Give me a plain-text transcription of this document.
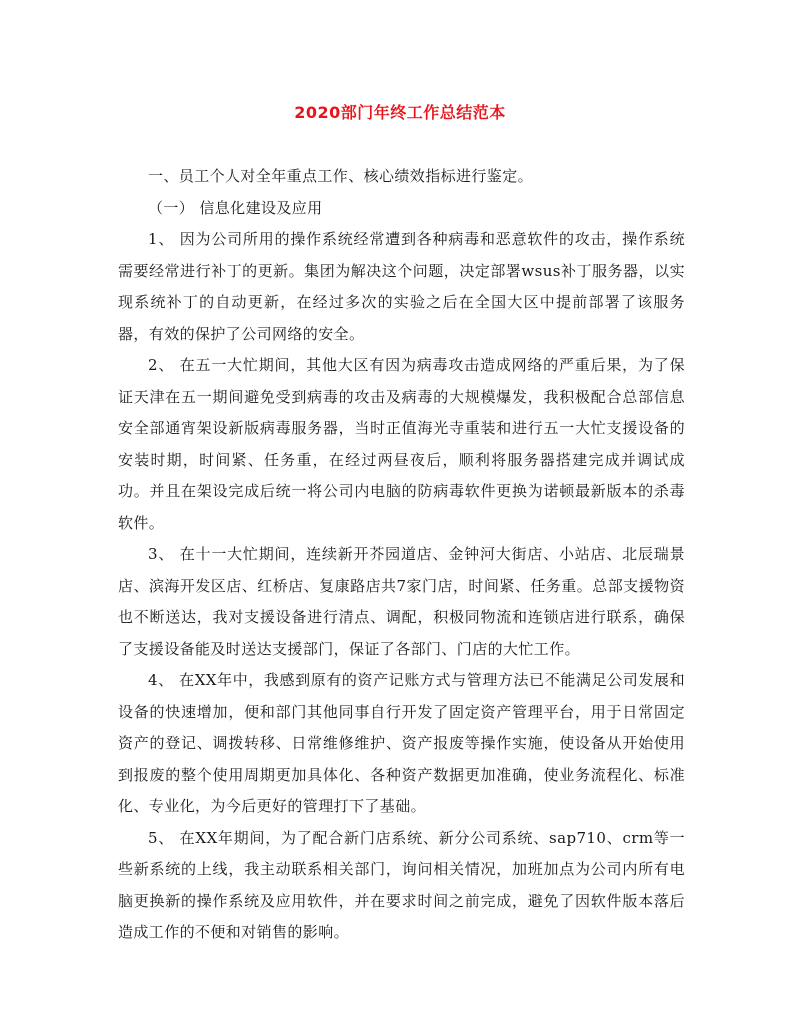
2020部门年终工作总结范本

一、员工个人对全年重点工作、核心绩效指标进行鉴定。

（一） 信息化建设及应用

1、 因为公司所用的操作系统经常遭到各种病毒和恶意软件的攻击，操作系统需要经常进行补丁的更新。集团为解决这个问题，决定部署wsus补丁服务器，以实现系统补丁的自动更新，在经过多次的实验之后在全国大区中提前部署了该服务器，有效的保护了公司网络的安全。

2、 在五一大忙期间，其他大区有因为病毒攻击造成网络的严重后果，为了保证天津在五一期间避免受到病毒的攻击及病毒的大规模爆发，我积极配合总部信息安全部通宵架设新版病毒服务器，当时正值海光寺重装和进行五一大忙支援设备的安装时期，时间紧、任务重，在经过两昼夜后，顺利将服务器搭建完成并调试成功。并且在架设完成后统一将公司内电脑的防病毒软件更换为诺顿最新版本的杀毒软件。

3、 在十一大忙期间，连续新开芥园道店、金钟河大街店、小站店、北辰瑞景店、滨海开发区店、红桥店、复康路店共7家门店，时间紧、任务重。总部支援物资也不断送达，我对支援设备进行清点、调配，积极同物流和连锁店进行联系，确保了支援设备能及时送达支援部门，保证了各部门、门店的大忙工作。

4、 在XX年中，我感到原有的资产记账方式与管理方法已不能满足公司发展和设备的快速增加，便和部门其他同事自行开发了固定资产管理平台，用于日常固定资产的登记、调拨转移、日常维修维护、资产报废等操作实施，使设备从开始使用到报废的整个使用周期更加具体化、各种资产数据更加准确，使业务流程化、标准化、专业化，为今后更好的管理打下了基础。

5、 在XX年期间，为了配合新门店系统、新分公司系统、sap710、crm等一些新系统的上线，我主动联系相关部门，询问相关情况，加班加点为公司内所有电脑更换新的操作系统及应用软件，并在要求时间之前完成，避免了因软件版本落后造成工作的不便和对销售的影响。
